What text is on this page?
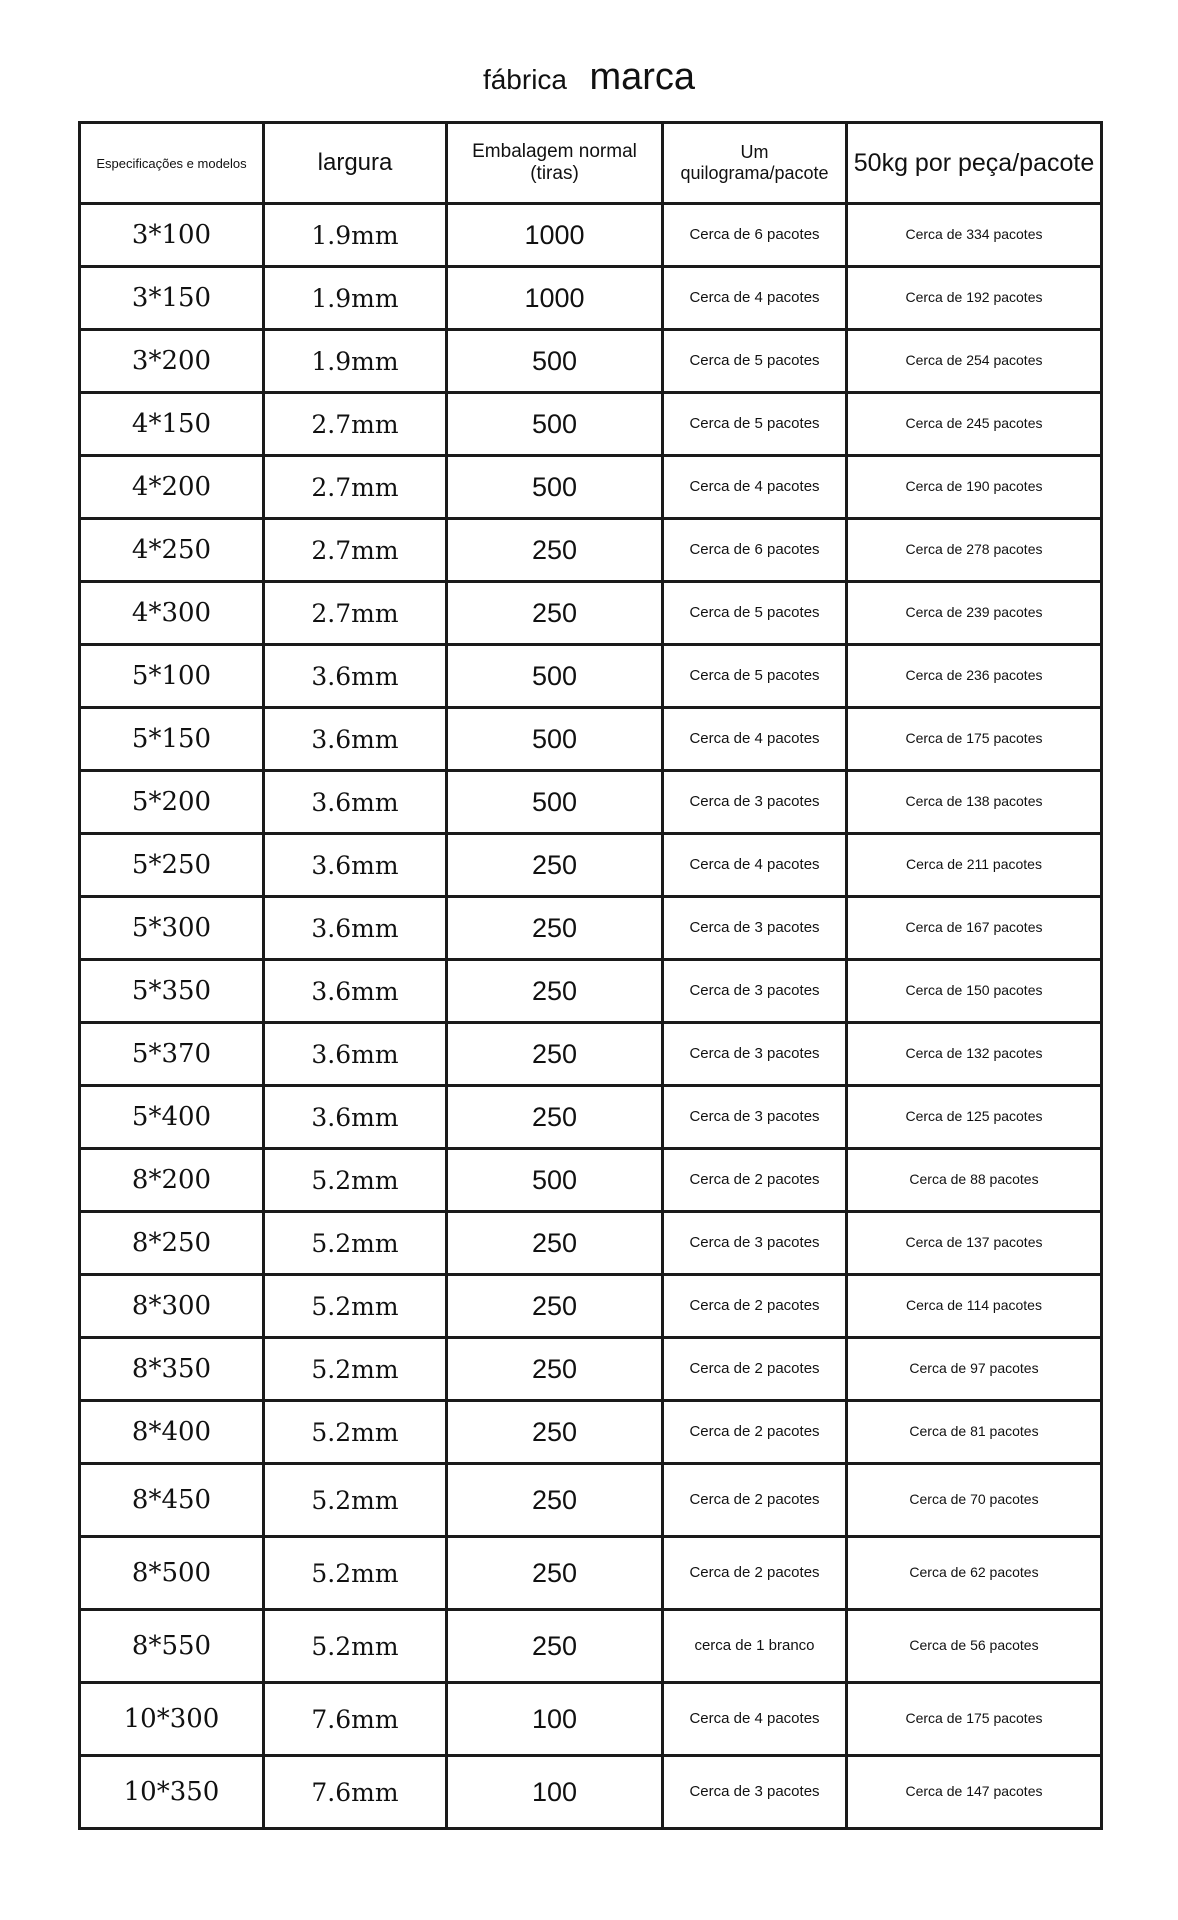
fábrica marca
Especificações e modelos	largura	Embalagem normal (tiras)	Um quilograma/pacote	50kg por peça/pacote
3*100	1.9mm	1000	Cerca de 6 pacotes	Cerca de 334 pacotes
3*150	1.9mm	1000	Cerca de 4 pacotes	Cerca de 192 pacotes
3*200	1.9mm	500	Cerca de 5 pacotes	Cerca de 254 pacotes
4*150	2.7mm	500	Cerca de 5 pacotes	Cerca de 245 pacotes
4*200	2.7mm	500	Cerca de 4 pacotes	Cerca de 190 pacotes
4*250	2.7mm	250	Cerca de 6 pacotes	Cerca de 278 pacotes
4*300	2.7mm	250	Cerca de 5 pacotes	Cerca de 239 pacotes
5*100	3.6mm	500	Cerca de 5 pacotes	Cerca de 236 pacotes
5*150	3.6mm	500	Cerca de 4 pacotes	Cerca de 175 pacotes
5*200	3.6mm	500	Cerca de 3 pacotes	Cerca de 138 pacotes
5*250	3.6mm	250	Cerca de 4 pacotes	Cerca de 211 pacotes
5*300	3.6mm	250	Cerca de 3 pacotes	Cerca de 167 pacotes
5*350	3.6mm	250	Cerca de 3 pacotes	Cerca de 150 pacotes
5*370	3.6mm	250	Cerca de 3 pacotes	Cerca de 132 pacotes
5*400	3.6mm	250	Cerca de 3 pacotes	Cerca de 125 pacotes
8*200	5.2mm	500	Cerca de 2 pacotes	Cerca de 88 pacotes
8*250	5.2mm	250	Cerca de 3 pacotes	Cerca de 137 pacotes
8*300	5.2mm	250	Cerca de 2 pacotes	Cerca de 114 pacotes
8*350	5.2mm	250	Cerca de 2 pacotes	Cerca de 97 pacotes
8*400	5.2mm	250	Cerca de 2 pacotes	Cerca de 81 pacotes
8*450	5.2mm	250	Cerca de 2 pacotes	Cerca de 70 pacotes
8*500	5.2mm	250	Cerca de 2 pacotes	Cerca de 62 pacotes
8*550	5.2mm	250	cerca de 1 branco	Cerca de 56 pacotes
10*300	7.6mm	100	Cerca de 4 pacotes	Cerca de 175 pacotes
10*350	7.6mm	100	Cerca de 3 pacotes	Cerca de 147 pacotes
